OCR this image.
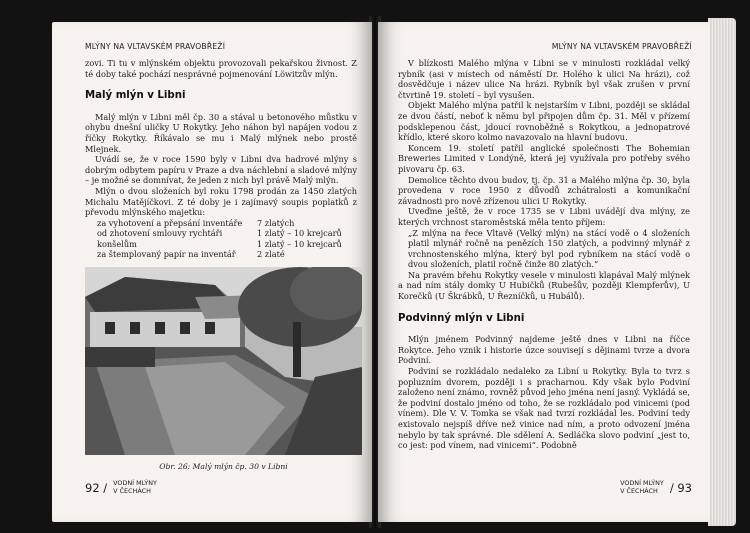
MLÝNY NA VLTAVSKÉM PRAVOBŘEŽÍ

zovi. Ti tu v mlýnském objektu provozovali pekařskou živnost. Z té doby také pochází nesprávné pojmenování Löwitzův mlýn.

Malý mlýn v Libni

Malý mlýn v Libni měl čp. 30 a stával u betonového můstku v ohybu dnešní uličky U Rokytky. Jeho náhon byl napájen vodou z říčky Rokytky. Říkávalo se mu i Malý mlýnek nebo prostě Mlejnek.

Uvádí se, že v roce 1590 byly v Libni dva hadrové mlýny s dobrým odbytem papíru v Praze a dva náchlební a sladové mlýny – je možné se domnívat, že jeden z nich byl právě Malý mlýn.

Mlýn o dvou složeních byl roku 1798 prodán za 1450 zlatých Michalu Matějíčkovi. Z té doby je i zajímavý soupis poplatků z převodu mlýnského majetku:

za vyhotovení a přepsání inventáře	7 zlatých
od zhotovení smlouvy rychtáři	1 zlatý – 10 krejcarů
konšelům	1 zlatý – 10 krejcarů
za štemplovaný papír na inventář	2 zlaté
Obr. 26: Malý mlýn čp. 30 v Libni
92 / VODNÍ MLÝNY
V ČECHÁCH
MLÝNY NA VLTAVSKÉM PRAVOBŘEŽÍ

V blízkosti Malého mlýna v Libni se v minulosti rozkládal velký rybník (asi v místech od náměstí Dr. Holého k ulici Na hrázi), což dosvědčuje i název ulice Na hrázi. Rybník byl však zrušen v první čtvrtině 19. století – byl vysušen.

Objekt Malého mlýna patřil k nejstarším v Libni, později se skládal ze dvou částí, neboť k němu byl připojen dům čp. 31. Měl v přízemí podsklepenou část, jdoucí rovnoběžně s Rokytkou, a jednopatrové křídlo, které skoro kolmo navazovalo na hlavní budovu.

Koncem 19. století patřil anglické společnosti The Bohemian Breweries Limited v Londýně, která jej využívala pro potřeby svého pivovaru čp. 63.

Demolice těchto dvou budov, tj. čp. 31 a Malého mlýna čp. 30, byla provedena v roce 1950 z důvodů zchátralosti a komunikační závadnosti pro nově zřízenou ulici U Rokytky.

Uveďme ještě, že v roce 1735 se v Libni uvádějí dva mlýny, ze kterých vrchnost staroměstská měla tento příjem:

„Z mlýna na řece Vltavě (Velký mlýn) na stácí vodě o 4 složeních platil mlynář ročně na penězích 150 zlatých, a podvinný mlynář z vrchnostenského mlýna, který byl pod rybníkem na stácí vodě o dvou složeních, platil ročně činže 80 zlatých.“

Na pravém břehu Rokytky vesele v minulosti klapával Malý mlýnek a nad ním stály domky U Hubičků (Rubešův, později Klempferův), U Korečků (U Škrábků, U Řezníčků, u Hubálů).

Podvinný mlýn v Libni

Mlýn jménem Podvinný najdeme ještě dnes v Libni na říčce Rokytce. Jeho vznik i historie úzce souvisejí s dějinami tvrze a dvora Podviní.

Podviní se rozkládalo nedaleko za Libní u Rokytky. Byla to tvrz s popluzním dvorem, později i s pracharnou. Kdy však bylo Podviní založeno není známo, rovněž původ jeho jména není jasný. Vykládá se, že podviní dostalo jméno od toho, že se rozkládalo pod vinicemi (pod vínem). Dle V. V. Tomka se však nad tvrzí rozkládal les. Podviní tedy existovalo nejspíš dříve než vinice nad ním, a proto odvození jména nebylo by tak správné. Dle sdělení A. Sedláčka slovo podviní „jest to, co jest: pod vínem, nad vinicemi“. Podobně

VODNÍ MLÝNY
V ČECHÁCH	/ 93
